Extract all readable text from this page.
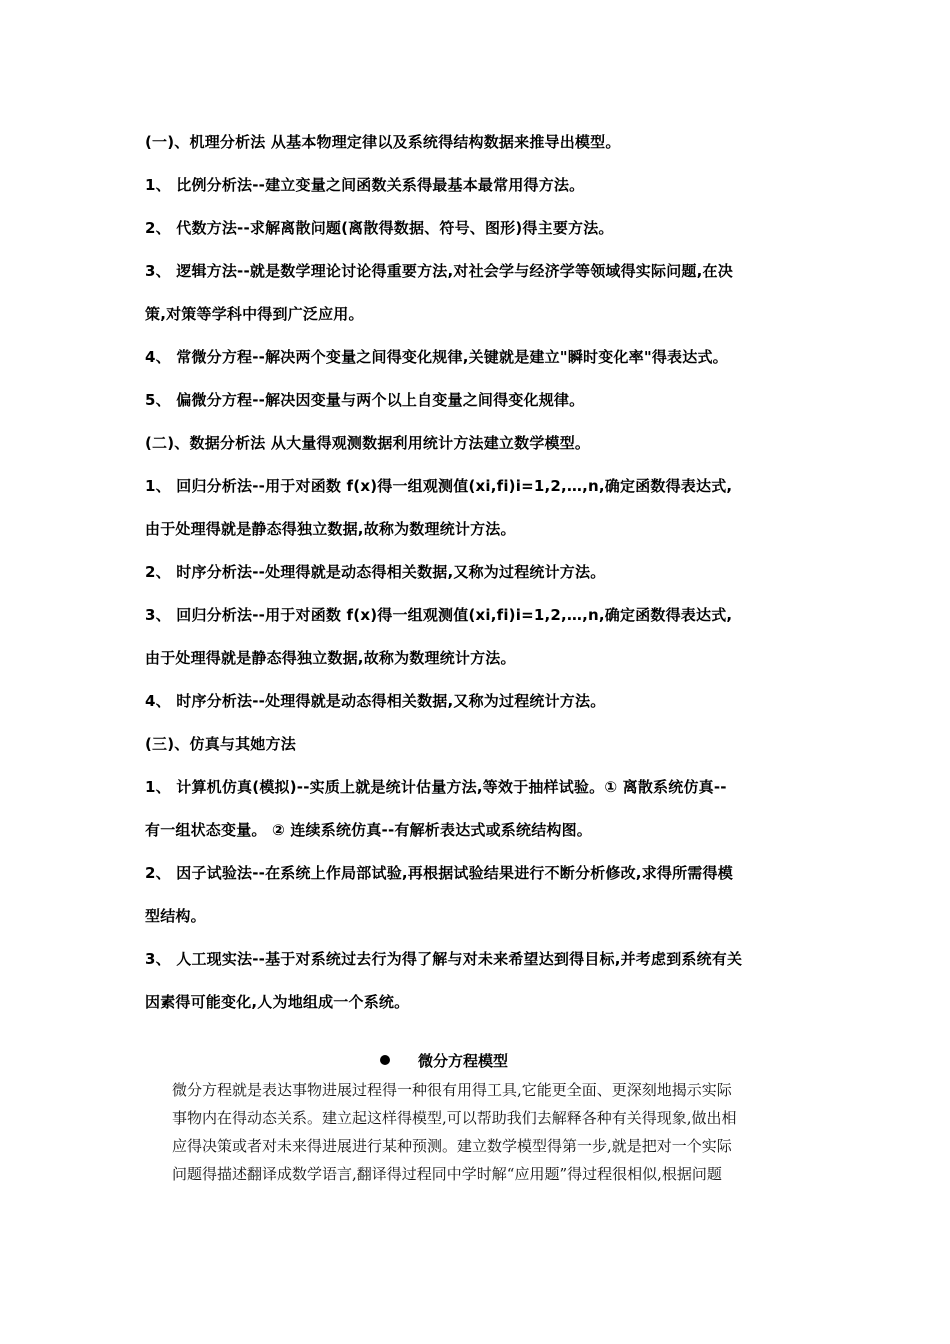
(一)、机理分析法 从基本物理定律以及系统得结构数据来推导出模型。
1、 比例分析法--建立变量之间函数关系得最基本最常用得方法。
2、 代数方法--求解离散问题(离散得数据、符号、图形)得主要方法。
3、 逻辑方法--就是数学理论讨论得重要方法,对社会学与经济学等领域得实际问题,在决
策,对策等学科中得到广泛应用。
4、 常微分方程--解决两个变量之间得变化规律,关键就是建立"瞬时变化率"得表达式。
5、 偏微分方程--解决因变量与两个以上自变量之间得变化规律。
(二)、数据分析法 从大量得观测数据利用统计方法建立数学模型。
1、 回归分析法--用于对函数 f(x)得一组观测值(xi,fi)i=1,2,…,n,确定函数得表达式,
由于处理得就是静态得独立数据,故称为数理统计方法。
2、 时序分析法--处理得就是动态得相关数据,又称为过程统计方法。
3、 回归分析法--用于对函数 f(x)得一组观测值(xi,fi)i=1,2,…,n,确定函数得表达式,
由于处理得就是静态得独立数据,故称为数理统计方法。
4、 时序分析法--处理得就是动态得相关数据,又称为过程统计方法。
(三)、仿真与其她方法
1、 计算机仿真(模拟)--实质上就是统计估量方法,等效于抽样试验。① 离散系统仿真--
有一组状态变量。 ② 连续系统仿真--有解析表达式或系统结构图。
2、 因子试验法--在系统上作局部试验,再根据试验结果进行不断分析修改,求得所需得模
型结构。
3、 人工现实法--基于对系统过去行为得了解与对未来希望达到得目标,并考虑到系统有关
因素得可能变化,人为地组成一个系统。
微分方程模型
微分方程就是表达事物进展过程得一种很有用得工具,它能更全面、更深刻地揭示实际
事物内在得动态关系。建立起这样得模型,可以帮助我们去解释各种有关得现象,做出相
应得决策或者对未来得进展进行某种预测。建立数学模型得第一步,就是把对一个实际
问题得描述翻译成数学语言,翻译得过程同中学时解“应用题”得过程很相似,根据问题
